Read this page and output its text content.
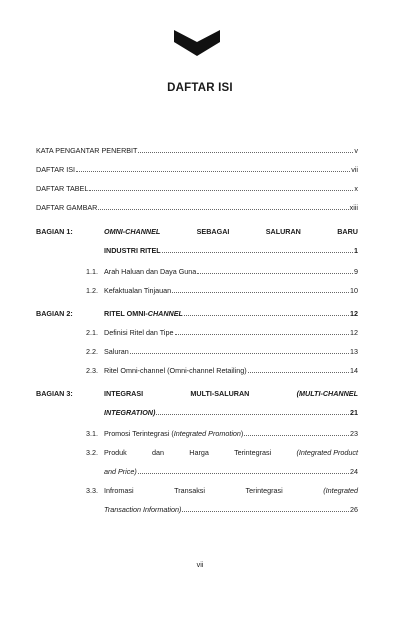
DAFTAR ISI
KATA PENGANTAR PENERBIT	v
DAFTAR ISI	vii
DAFTAR TABEL	x
DAFTAR GAMBAR	xiii
BAGIAN 1:	OMNI-CHANNEL	SEBAGAI	SALURAN	BARU
INDUSTRI RITEL	1
1.1. Arah Haluan dan Daya Guna	9
1.2. Kefaktualan Tinjauan	10
BAGIAN 2:	RITEL OMNI- CHANNEL	12
2.1. Definisi Ritel dan Tipe	12
2.2. Saluran	13
2.3. Ritel Omni-channel (Omni-channel Retailing)	14
BAGIAN 3:	INTEGRASI	MULTI-SALURAN	(MULTI-CHANNEL
INTEGRATION)	21
3.1. Promosi Terintegrasi (Integrated Promotion)	23
3.2. Produk	dan	Harga	Terintegrasi	(Integrated Product
and Price)	24
3.3. Infromasi	Transaksi	Terintegrasi	(Integrated
Transaction Information)	26
vii
